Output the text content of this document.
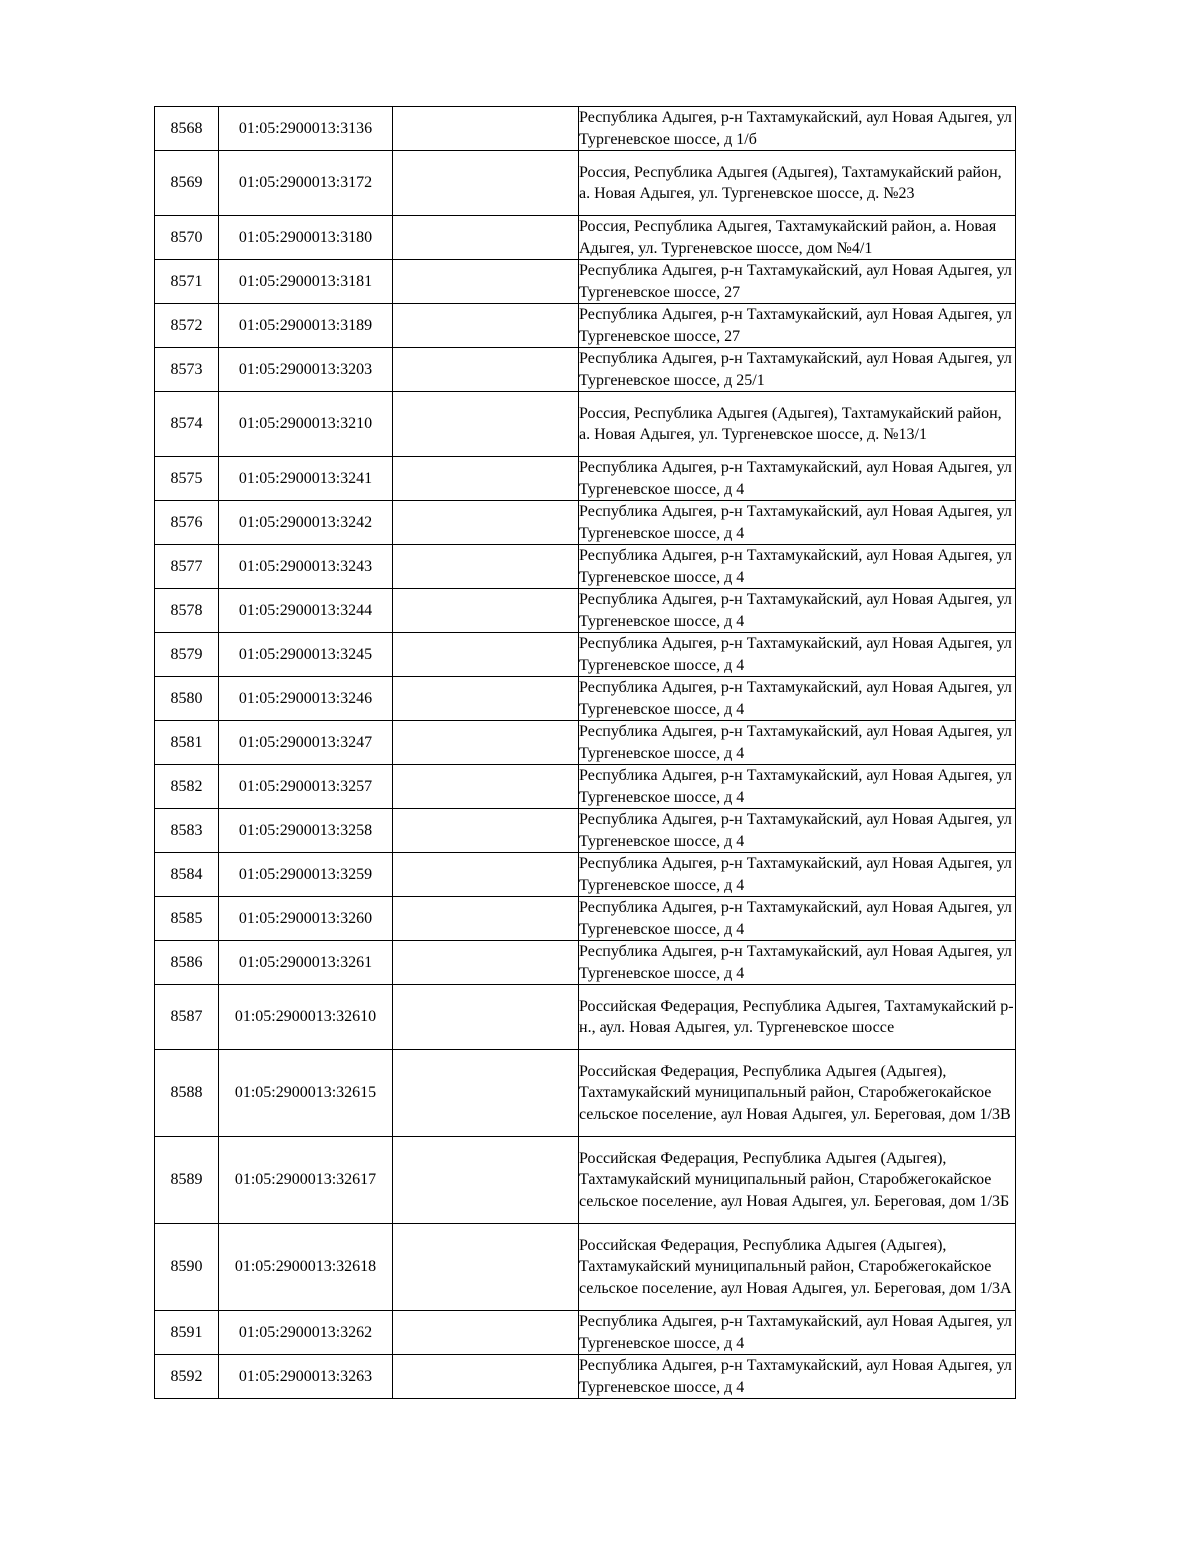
8568	01:05:2900013:3136		Республика Адыгея, р-н Тахтамукайский, аул Новая Адыгея, ул Тургеневское шоссе, д 1/б
8569	01:05:2900013:3172		Россия, Республика Адыгея (Адыгея), Тахтамукайский район, а. Новая Адыгея, ул. Тургеневское шоссе, д. №23
8570	01:05:2900013:3180		Россия, Республика Адыгея, Тахтамукайский район, а. Новая Адыгея, ул. Тургеневское шоссе, дом №4/1
8571	01:05:2900013:3181		Республика Адыгея, р-н Тахтамукайский, аул Новая Адыгея, ул Тургеневское шоссе, 27
8572	01:05:2900013:3189		Республика Адыгея, р-н Тахтамукайский, аул Новая Адыгея, ул Тургеневское шоссе, 27
8573	01:05:2900013:3203		Республика Адыгея, р-н Тахтамукайский, аул Новая Адыгея, ул Тургеневское шоссе, д 25/1
8574	01:05:2900013:3210		Россия, Республика Адыгея (Адыгея), Тахтамукайский район, а. Новая Адыгея, ул. Тургеневское шоссе, д. №13/1
8575	01:05:2900013:3241		Республика Адыгея, р-н Тахтамукайский, аул Новая Адыгея, ул Тургеневское шоссе, д 4
8576	01:05:2900013:3242		Республика Адыгея, р-н Тахтамукайский, аул Новая Адыгея, ул Тургеневское шоссе, д 4
8577	01:05:2900013:3243		Республика Адыгея, р-н Тахтамукайский, аул Новая Адыгея, ул Тургеневское шоссе, д 4
8578	01:05:2900013:3244		Республика Адыгея, р-н Тахтамукайский, аул Новая Адыгея, ул Тургеневское шоссе, д 4
8579	01:05:2900013:3245		Республика Адыгея, р-н Тахтамукайский, аул Новая Адыгея, ул Тургеневское шоссе, д 4
8580	01:05:2900013:3246		Республика Адыгея, р-н Тахтамукайский, аул Новая Адыгея, ул Тургеневское шоссе, д 4
8581	01:05:2900013:3247		Республика Адыгея, р-н Тахтамукайский, аул Новая Адыгея, ул Тургеневское шоссе, д 4
8582	01:05:2900013:3257		Республика Адыгея, р-н Тахтамукайский, аул Новая Адыгея, ул Тургеневское шоссе, д 4
8583	01:05:2900013:3258		Республика Адыгея, р-н Тахтамукайский, аул Новая Адыгея, ул Тургеневское шоссе, д 4
8584	01:05:2900013:3259		Республика Адыгея, р-н Тахтамукайский, аул Новая Адыгея, ул Тургеневское шоссе, д 4
8585	01:05:2900013:3260		Республика Адыгея, р-н Тахтамукайский, аул Новая Адыгея, ул Тургеневское шоссе, д 4
8586	01:05:2900013:3261		Республика Адыгея, р-н Тахтамукайский, аул Новая Адыгея, ул Тургеневское шоссе, д 4
8587	01:05:2900013:32610		Российская Федерация, Республика Адыгея, Тахтамукайский р-н., аул. Новая Адыгея, ул. Тургеневское шоссе
8588	01:05:2900013:32615		Российская Федерация, Республика Адыгея (Адыгея), Тахтамукайский муниципальный район, Старобжегокайское сельское поселение, аул Новая Адыгея, ул. Береговая, дом 1/3В
8589	01:05:2900013:32617		Российская Федерация, Республика Адыгея (Адыгея), Тахтамукайский муниципальный район, Старобжегокайское сельское поселение, аул Новая Адыгея, ул. Береговая, дом 1/3Б
8590	01:05:2900013:32618		Российская Федерация, Республика Адыгея (Адыгея), Тахтамукайский муниципальный район, Старобжегокайское сельское поселение, аул Новая Адыгея, ул. Береговая, дом 1/3А
8591	01:05:2900013:3262		Республика Адыгея, р-н Тахтамукайский, аул Новая Адыгея, ул Тургеневское шоссе, д 4
8592	01:05:2900013:3263		Республика Адыгея, р-н Тахтамукайский, аул Новая Адыгея, ул Тургеневское шоссе, д 4
